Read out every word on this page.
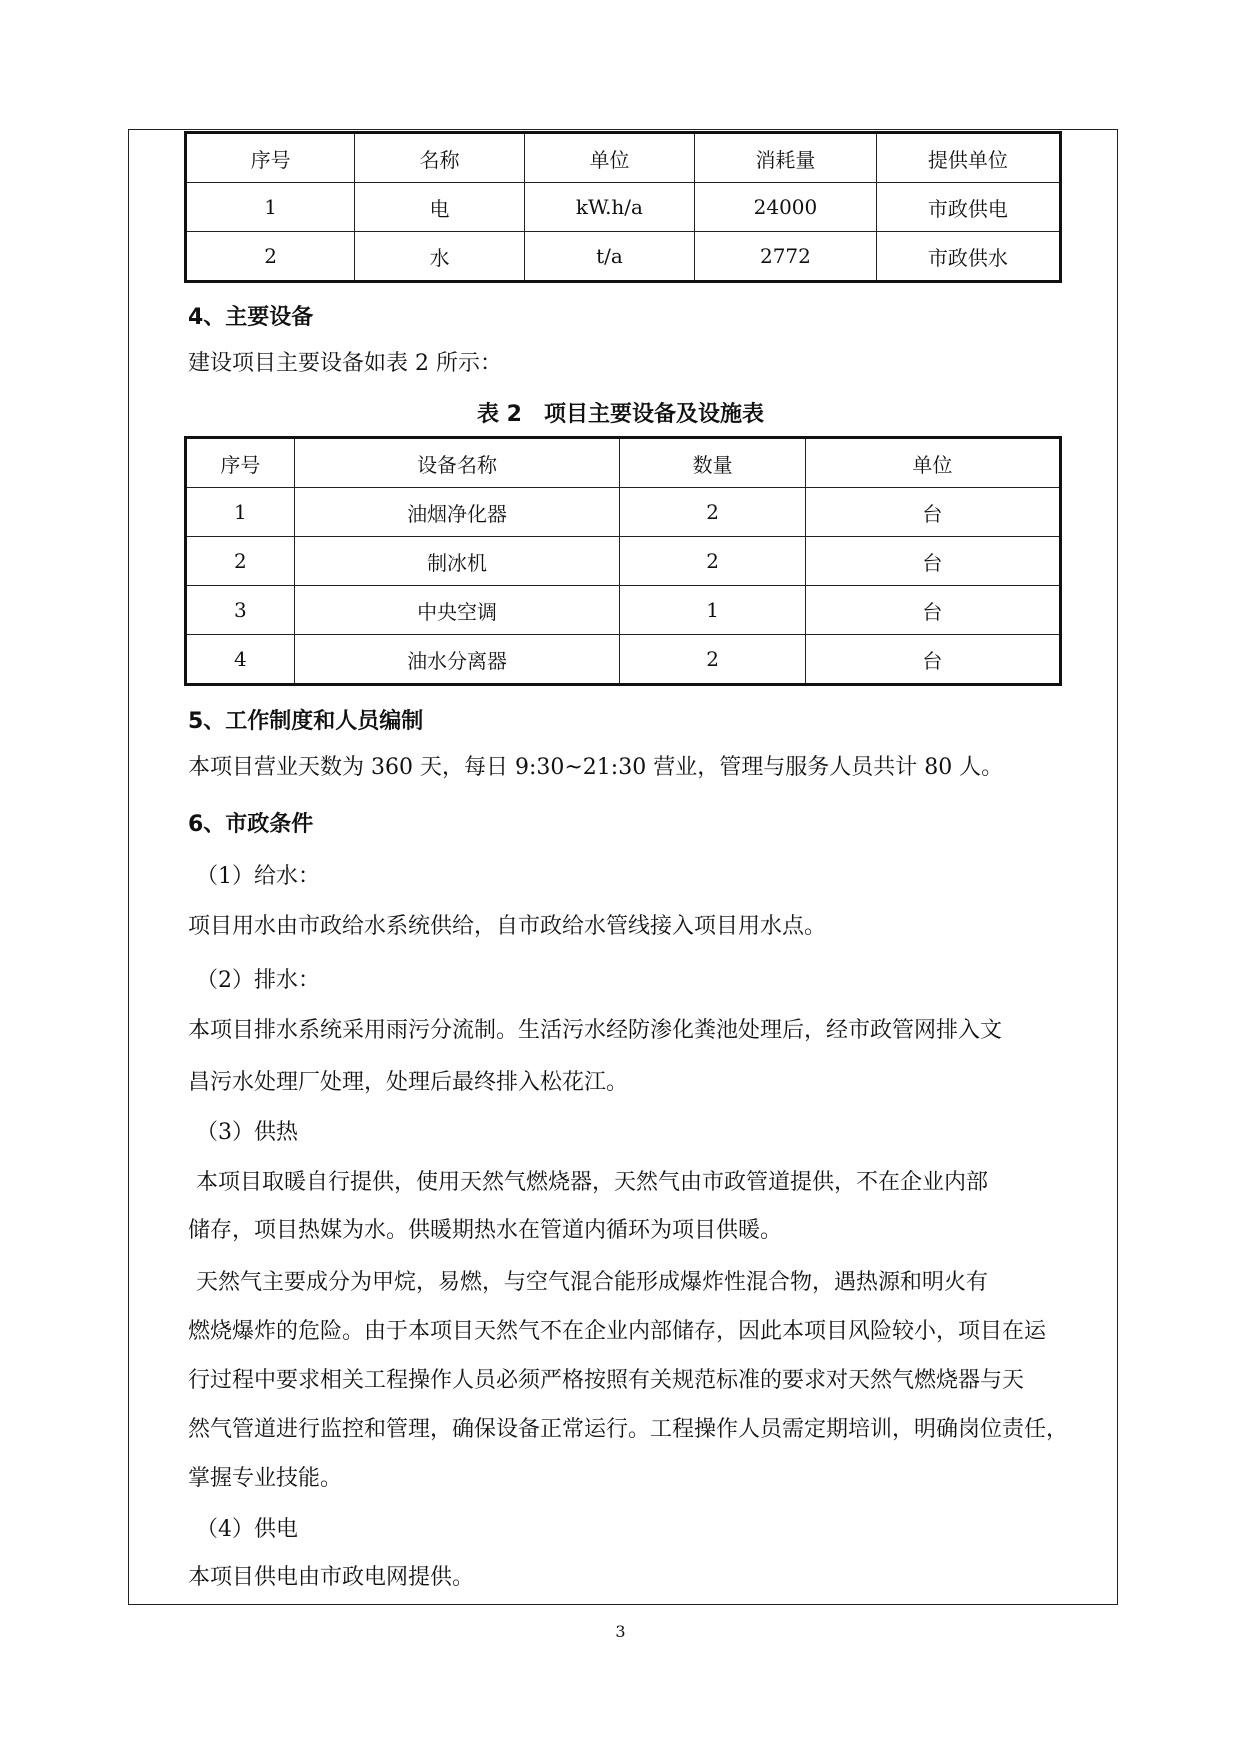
序号	名称	单位	消耗量	提供单位
1	电	kW.h/a	24000	市政供电
2	水	t/a	2772	市政供水
4、主要设备
建设项目主要设备如表 2 所示：
表 2　项目主要设备及设施表
序号	设备名称	数量	单位
1	油烟净化器	2	台
2	制冰机	2	台
3	中央空调	1	台
4	油水分离器	2	台
5、工作制度和人员编制
本项目营业天数为 360 天，每日 9:30~21:30 营业，管理与服务人员共计 80 人。
6、市政条件
（1）给水：
项目用水由市政给水系统供给，自市政给水管线接入项目用水点。
（2）排水：
本项目排水系统采用雨污分流制。生活污水经防渗化粪池处理后，经市政管网排入文
昌污水处理厂处理，处理后最终排入松花江。
（3）供热
本项目取暖自行提供，使用天然气燃烧器，天然气由市政管道提供，不在企业内部
储存，项目热媒为水。供暖期热水在管道内循环为项目供暖。
天然气主要成分为甲烷，易燃，与空气混合能形成爆炸性混合物，遇热源和明火有
燃烧爆炸的危险。由于本项目天然气不在企业内部储存，因此本项目风险较小，项目在运
行过程中要求相关工程操作人员必须严格按照有关规范标准的要求对天然气燃烧器与天
然气管道进行监控和管理，确保设备正常运行。工程操作人员需定期培训，明确岗位责任，
掌握专业技能。
（4）供电
本项目供电由市政电网提供。
3
